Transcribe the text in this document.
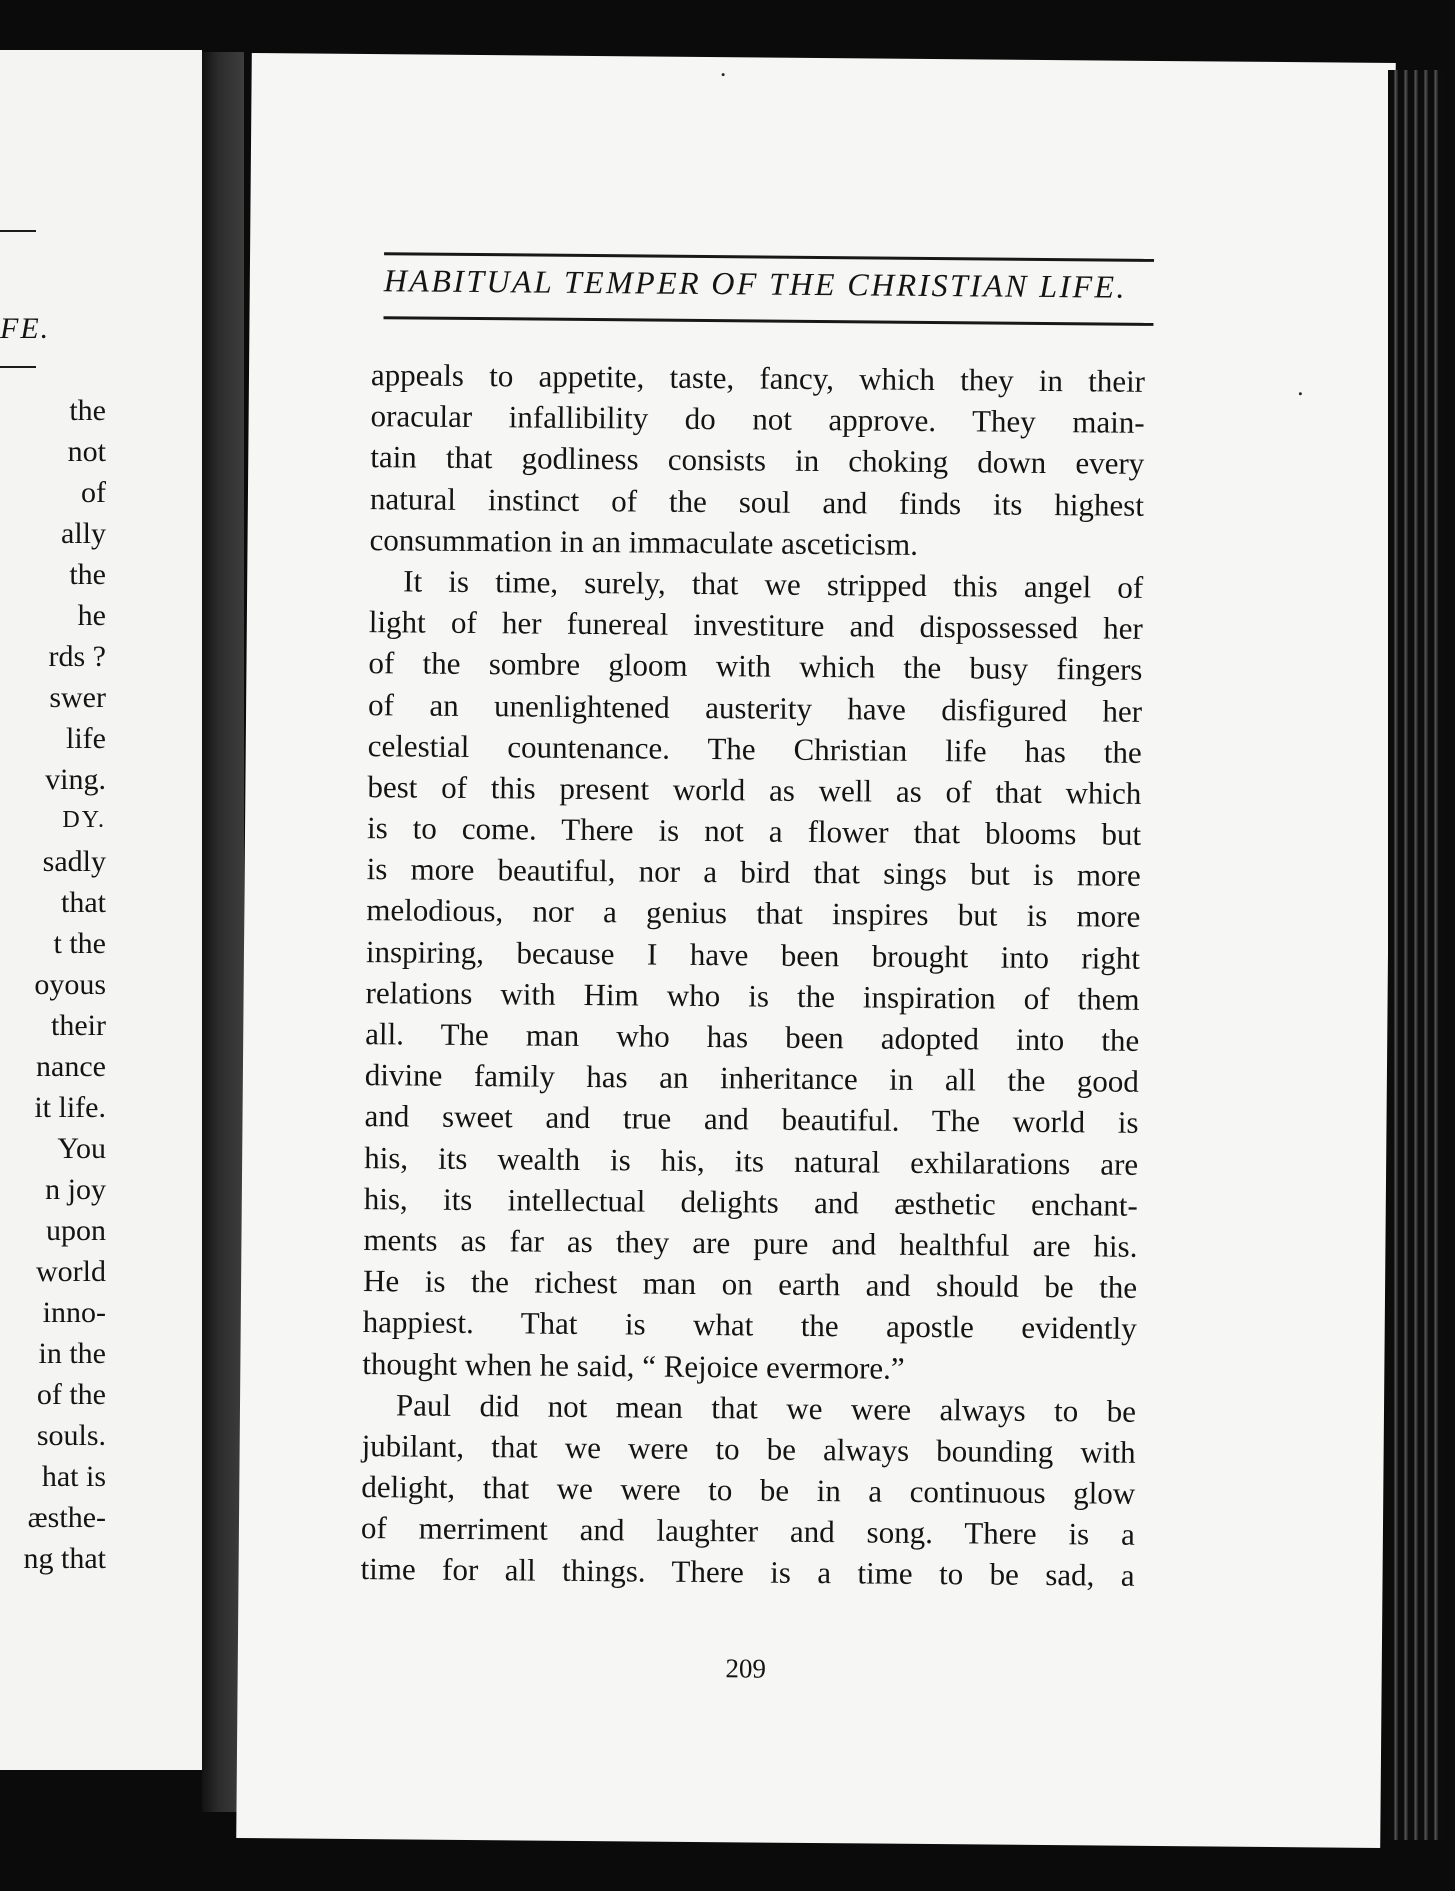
FE.
the
not
of
ally
the
he
rds ?
swer
life
ving.
DY.
sadly
that
t the
oyous
their
nance
it life.
You
n joy
upon
world
inno-
in the
of the
souls.
hat is
æsthe-
ng that
HABITUAL TEMPER OF THE CHRISTIAN LIFE.
appeals to appetite, taste, fancy, which they in their
oracular infallibility do not approve. They main-
tain that godliness consists in choking down every
natural instinct of the soul and finds its highest
consummation in an immaculate asceticism.
It is time, surely, that we stripped this angel of
light of her funereal investiture and dispossessed her
of the sombre gloom with which the busy fingers
of an unenlightened austerity have disfigured her
celestial countenance. The Christian life has the
best of this present world as well as of that which
is to come. There is not a flower that blooms but
is more beautiful, nor a bird that sings but is more
melodious, nor a genius that inspires but is more
inspiring, because I have been brought into right
relations with Him who is the inspiration of them
all. The man who has been adopted into the
divine family has an inheritance in all the good
and sweet and true and beautiful. The world is
his, its wealth is his, its natural exhilarations are
his, its intellectual delights and æsthetic enchant-
ments as far as they are pure and healthful are his.
He is the richest man on earth and should be the
happiest. That is what the apostle evidently
thought when he said, “ Rejoice evermore.”
Paul did not mean that we were always to be
jubilant, that we were to be always bounding with
delight, that we were to be in a continuous glow
of merriment and laughter and song. There is a
time for all things. There is a time to be sad, a
209
